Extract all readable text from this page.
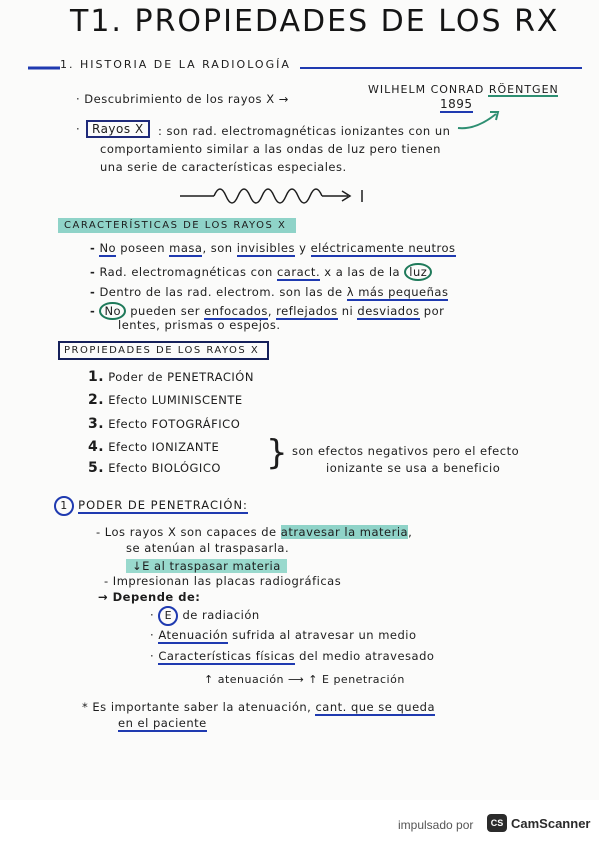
T1. PROPIEDADES DE LOS RX
1. HISTORIA DE LA RADIOLOGÍA
· Descubrimiento de los rayos X →
WILHELM CONRAD RÖENTGEN
1895
· Rayos X	: son rad. electromagnéticas ionizantes con un
comportamiento similar a las ondas de luz pero tienen
una serie de características especiales.
CARACTERÍSTICAS DE LOS RAYOS X
- No poseen masa, son invisibles y eléctricamente neutros
- Rad. electromagnéticas con caract. x a las de la luz
- Dentro de las rad. electrom. son las de λ más pequeñas
- No pueden ser enfocados, reflejados ni desviados por
lentes, prismas o espejos.
PROPIEDADES DE LOS RAYOS X
1. Poder de PENETRACIÓN
2. Efecto LUMINISCENTE
3. Efecto FOTOGRÁFICO
4. Efecto IONIZANTE
5. Efecto BIOLÓGICO } son efectos negativos pero el efecto
ionizante se usa a beneficio
1 PODER DE PENETRACIÓN:
- Los rayos X son capaces de atravesar la materia,
se atenúan al traspasarla.
↓E al traspasar materia
- Impresionan las placas radiográficas
→ Depende de:
· E de radiación
· Atenuación sufrida al atravesar un medio
· Características físicas del medio atravesado
↑ atenuación ⟶ ↑ E penetración
* Es importante saber la atenuación, cant. que se queda
en el paciente
impulsado por	CS CamScanner
